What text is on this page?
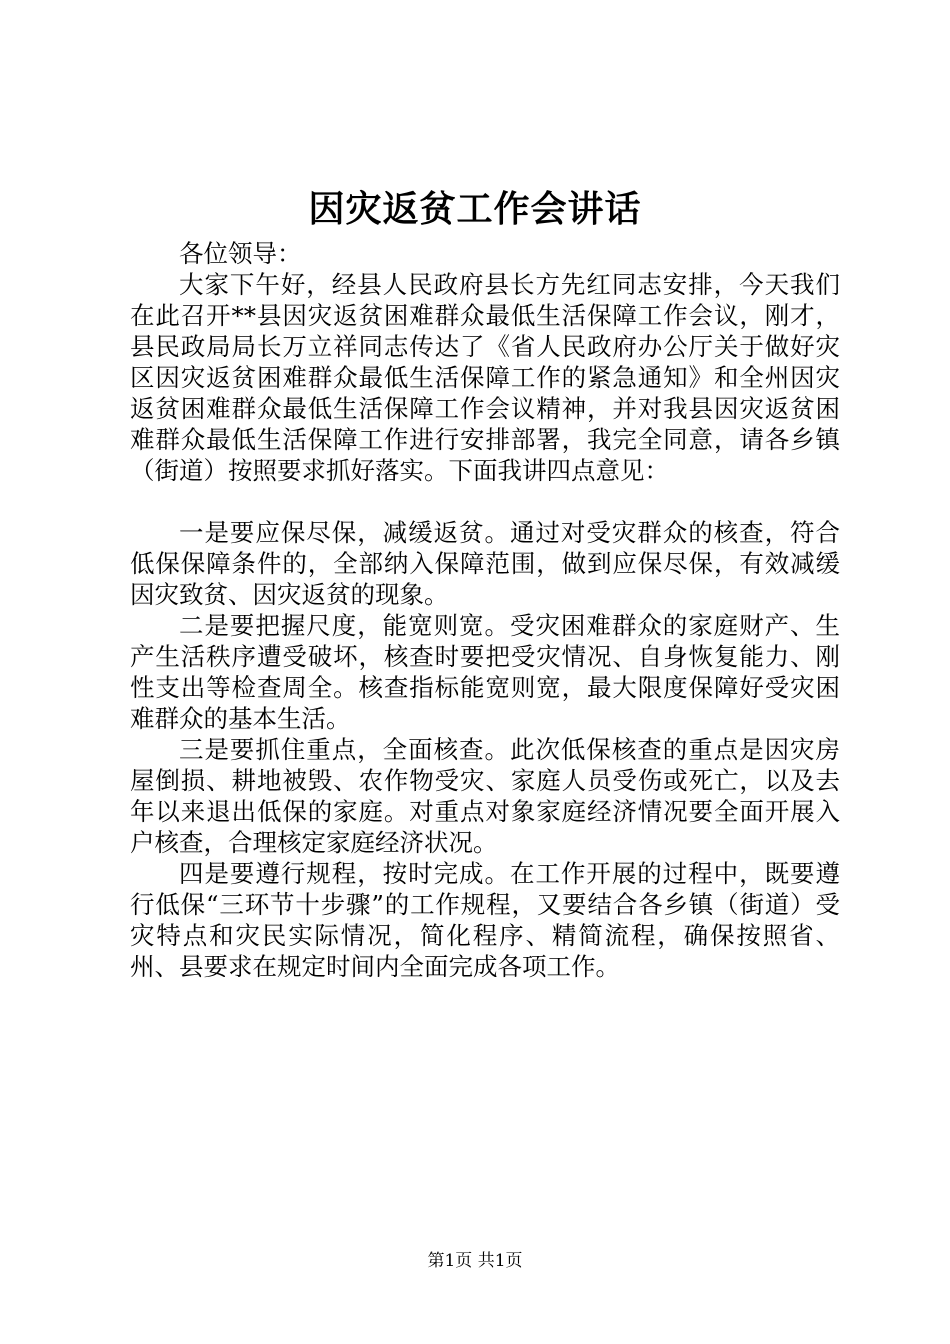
因灾返贫工作会讲话

各位领导：

大家下午好，经县人民政府县长方先红同志安排，今天我们在此召开**县因灾返贫困难群众最低生活保障工作会议，刚才，县民政局局长万立祥同志传达了《省人民政府办公厅关于做好灾区因灾返贫困难群众最低生活保障工作的紧急通知》和全州因灾返贫困难群众最低生活保障工作会议精神，并对我县因灾返贫困难群众最低生活保障工作进行安排部署，我完全同意，请各乡镇（街道）按照要求抓好落实。下面我讲四点意见：

一是要应保尽保，减缓返贫。通过对受灾群众的核查，符合低保保障条件的，全部纳入保障范围，做到应保尽保，有效减缓因灾致贫、因灾返贫的现象。

二是要把握尺度，能宽则宽。受灾困难群众的家庭财产、生产生活秩序遭受破坏，核查时要把受灾情况、自身恢复能力、刚性支出等检查周全。核查指标能宽则宽，最大限度保障好受灾困难群众的基本生活。

三是要抓住重点，全面核查。此次低保核查的重点是因灾房屋倒损、耕地被毁、农作物受灾、家庭人员受伤或死亡，以及去年以来退出低保的家庭。对重点对象家庭经济情况要全面开展入户核查，合理核定家庭经济状况。

四是要遵行规程，按时完成。在工作开展的过程中，既要遵行低保“三环节十步骤”的工作规程，又要结合各乡镇（街道）受灾特点和灾民实际情况，简化程序、精简流程，确保按照省、州、县要求在规定时间内全面完成各项工作。

第1页 共1页
